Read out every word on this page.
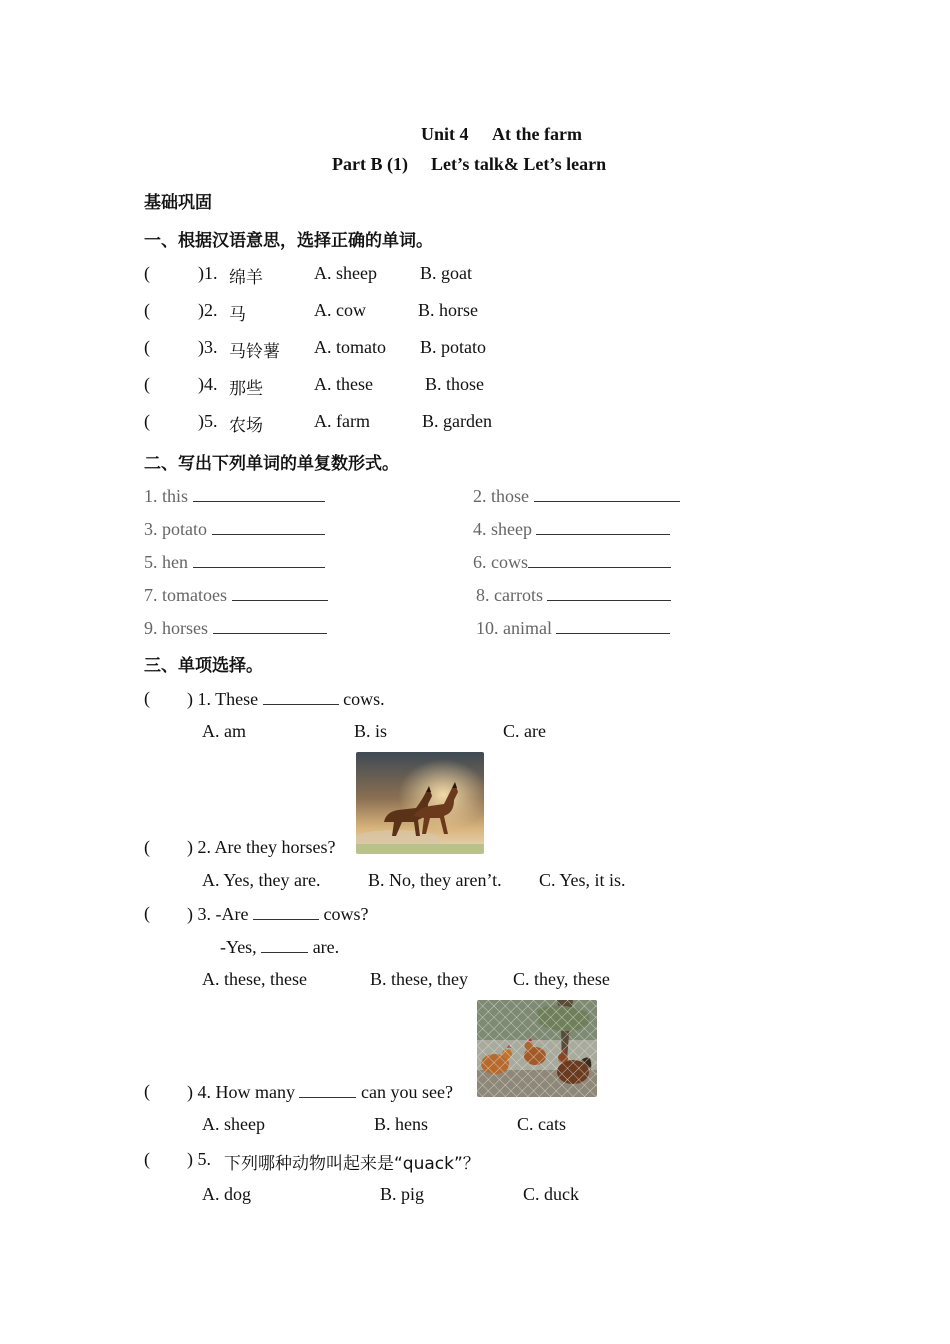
Unit 4 At the farm
Part B (1) Let’s talk& Let’s learn
基础巩固
一、根据汉语意思，选择正确的单词。
(	)1. 绵羊	A. sheep B. goat
(	)2. 马	A. cow	B. horse
(	)3. 马铃薯 A. tomato B. potato
(	)4. 那些	A. these	B. those
(	)5. 农场	A. farm	B. garden
二、写出下列单词的单复数形式。
1. this	2. those
3. potato	4. sheep
5. hen	6. cows
7. tomatoes	8. carrots
9. horses	10. animal
三、单项选择。
( ) 1. These	cows.
A. am	B. is	C. are
( ) 2. Are they horses?
A. Yes, they are.	B. No, they aren’t. C. Yes, it is.
( ) 3. -Are	cows?
-Yes,	are.
A. these, these	B. these, they	C. they, these
( ) 4. How many	can you see?
A. sheep	B. hens	C. cats
( ) 5. 下列哪种动物叫起来是“quack”？
A. dog	B. pig	C. duck
